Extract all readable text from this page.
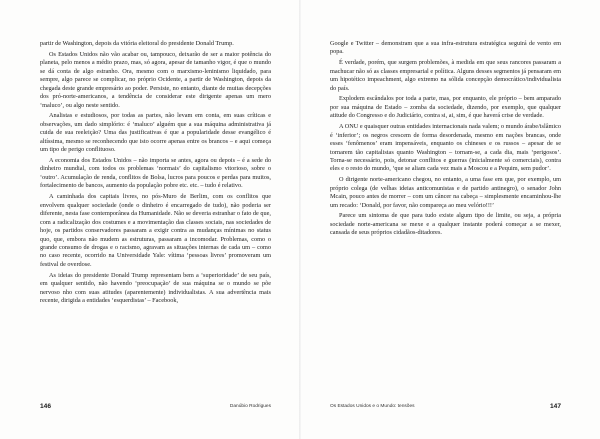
partir de Washington, depois da vitória eleitoral do presidente Donald Trump.

Os Estados Unidos não vão acabar ou, tampouco, deixarão de ser a maior potência do planeta, pelo menos a médio prazo, mas, só agora, apesar de tamanho vigor, é que o mundo se dá conta de algo estranho. Ora, mesmo com o marxismo-leninismo liquidado, para sempre, algo parece se complicar, no próprio Ocidente, a partir de Washington, depois da chegada deste grande empresário ao poder. Persiste, no entanto, diante de muitas decepções dos pró-norte-americanos, a tendência de considerar este dirigente apenas um mero ‘maluco’, ou algo neste sentido.

Analistas e estudiosos, por todas as partes, não levam em conta, em suas críticas e observações, um dado simplório: é ‘maluco’ alguém que a sua máquina administrativa já cuida de sua reeleição? Uma das justificativas é que a popularidade desse evangélico é altíssima, mesmo se reconhecendo que isto ocorre apenas entre os brancos – e aqui começa um tipo de perigo conflituoso.

A economia dos Estados Unidos – não importa se antes, agora ou depois – é a sede do dinheiro mundial, com todos os problemas ‘normais’ do capitalismo vitorioso, sobre o ‘outro’. Acumulação de renda, conflitos de Bolsa, lucros para poucos e perdas para muitos, fortalecimento de bancos, aumento da população pobre etc. etc. – tudo é relativo.

A caminhada dos capitais livres, no pós-Muro de Berlim, com os conflitos que envolvem qualquer sociedade (onde o dinheiro é encarregado de tudo), não poderia ser diferente, nesta fase contemporânea da Humanidade. Não se deveria estranhar o fato de que, com a radicalização dos costumes e a movimentação das classes sociais, nas sociedades de hoje, os partidos conservadores passaram a exigir contra as mudanças mínimas no status quo, que, embora não mudem as estruturas, passaram a incomodar. Problemas, como o grande consumo de drogas e o racismo, agravam as situações internas de cada um – como no caso recente, ocorrido na Universidade Yale: vítima ‘pessoas livres’ promoveram um festival de overdose.

As ideias do presidente Donald Trump representam bem a ‘superioridade’ de seu país, em qualquer sentido, não havendo ‘preocupação’ de sua máquina se o mundo se põe nervoso nho com suas atitudes (aparentemente) individualistas. A sua advertência mais recente, dirigida a entidades ‘esquerdistas’ – Facebook,

146	Danúbio Rodrigues

Google e Twitter – demonstram que a sua infra-estrutura estratégica seguirá de vento em popa.

É verdade, porém, que surgem problemões, à medida em que seus rancores passaram a machucar não só as classes empresarial e política. Alguns desses segmentos já pensaram em um hipotético impeachment, algo extremo na sólida concepção democrático/individualista do país.

Explodem escândalos por toda a parte, mas, por enquanto, ele próprio – bem amparado por sua máquina de Estado – zomba da sociedade, dizendo, por exemplo, que qualquer atitude do Congresso e do Judiciário, contra si, ai, sim, é que haverá crise de verdade.

A ONU e quaisquer outras entidades internacionais nada valem; o mundo árabe/islâmico é ‘inferior’; os negros crescem de forma desordenada, mesmo em nações brancas, onde esses ‘fenômenos’ eram impensáveis, enquanto os chineses e os russos – apesar de se tornarem tão capitalistas quanto Washington – tornam-se, a cada dia, mais ‘perigosos’. Torna-se necessário, pois, detonar conflitos e guerras (inicialmente só comerciais), contra eles e o resto do mundo, ‘que se aliam cada vez mais a Moscou e a Pequim, sem pudor’.

O dirigente norte-americano chegou, no entanto, a uma fase em que, por exemplo, um próprio colega (de velhas ideias anticomunistas e de partido antinegro), o senador John Mcain, pouco antes de morrer – com um câncer na cabeça – simplesmente encaminhou-lhe um recado: ‘Donald, por favor, não compareça ao meu velório!!!’

Parece um sintoma de que para tudo existe algum tipo de limite, ou seja, a própria sociedade norte-americana se mexe e a qualquer instante poderá começar a se mexer, cansada de seus próprios cidadãos-ditadores.

Os Estados Unidos e o Mundo: tensões	147
